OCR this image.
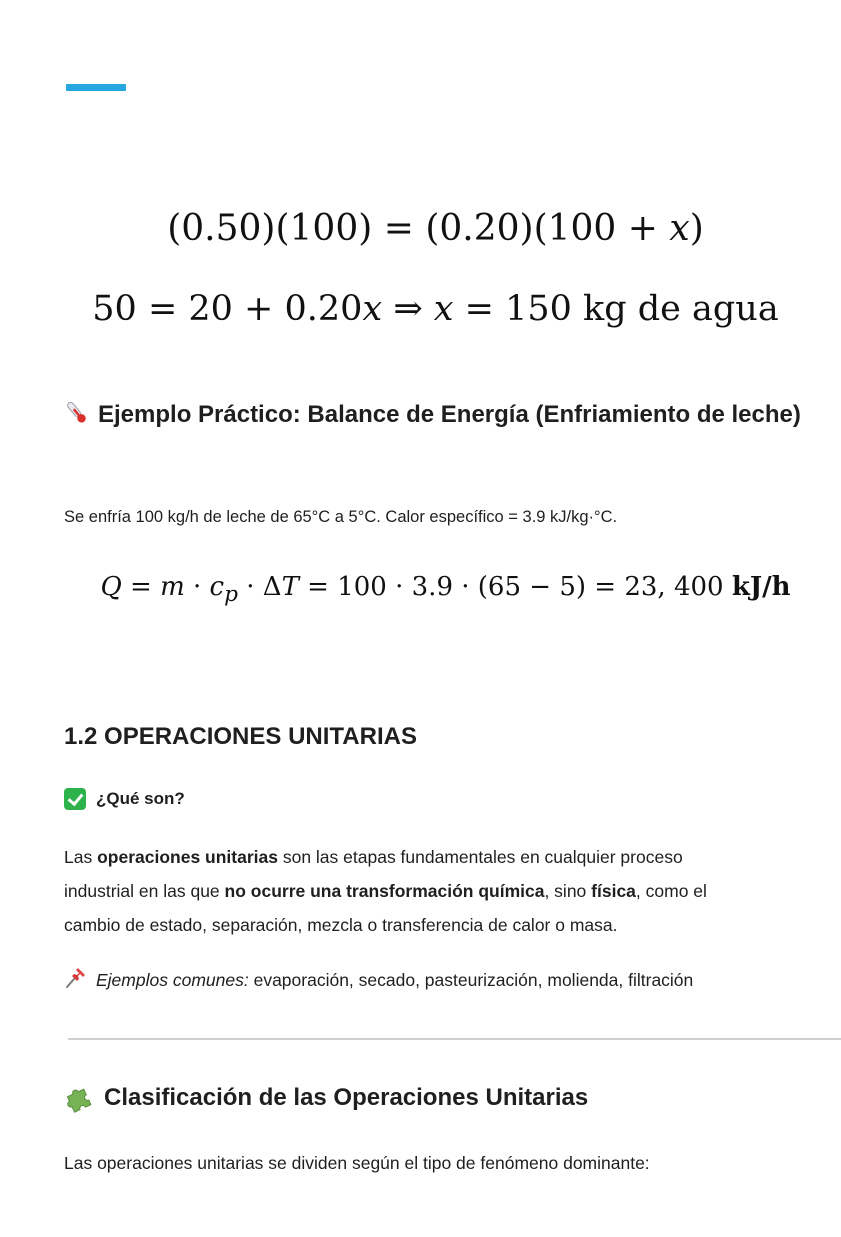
(0.50)(100) = (0.20)(100 + x)
50 = 20 + 0.20x ⇒ x = 150 kg de agua
Ejemplo Práctico: Balance de Energía (Enfriamiento de leche)

Se enfría 100 kg/h de leche de 65°C a 5°C. Calor específico = 3.9 kJ/kg·°C.

$Q = m \cdot c_p \cdot \Delta T = 100 \cdot 3.9 \cdot (65 - 5) = 23$, 400 kJ/h
1.2 OPERACIONES UNITARIAS
¿Qué son?

Las operaciones unitarias son las etapas fundamentales en cualquier proceso
industrial en las que no ocurre una transformación química, sino física, como el
cambio de estado, separación, mezcla o transferencia de calor o masa.

Ejemplos comunes: evaporación, secado, pasteurización, molienda, filtración

Clasificación de las Operaciones Unitarias

Las operaciones unitarias se dividen según el tipo de fenómeno dominante:
